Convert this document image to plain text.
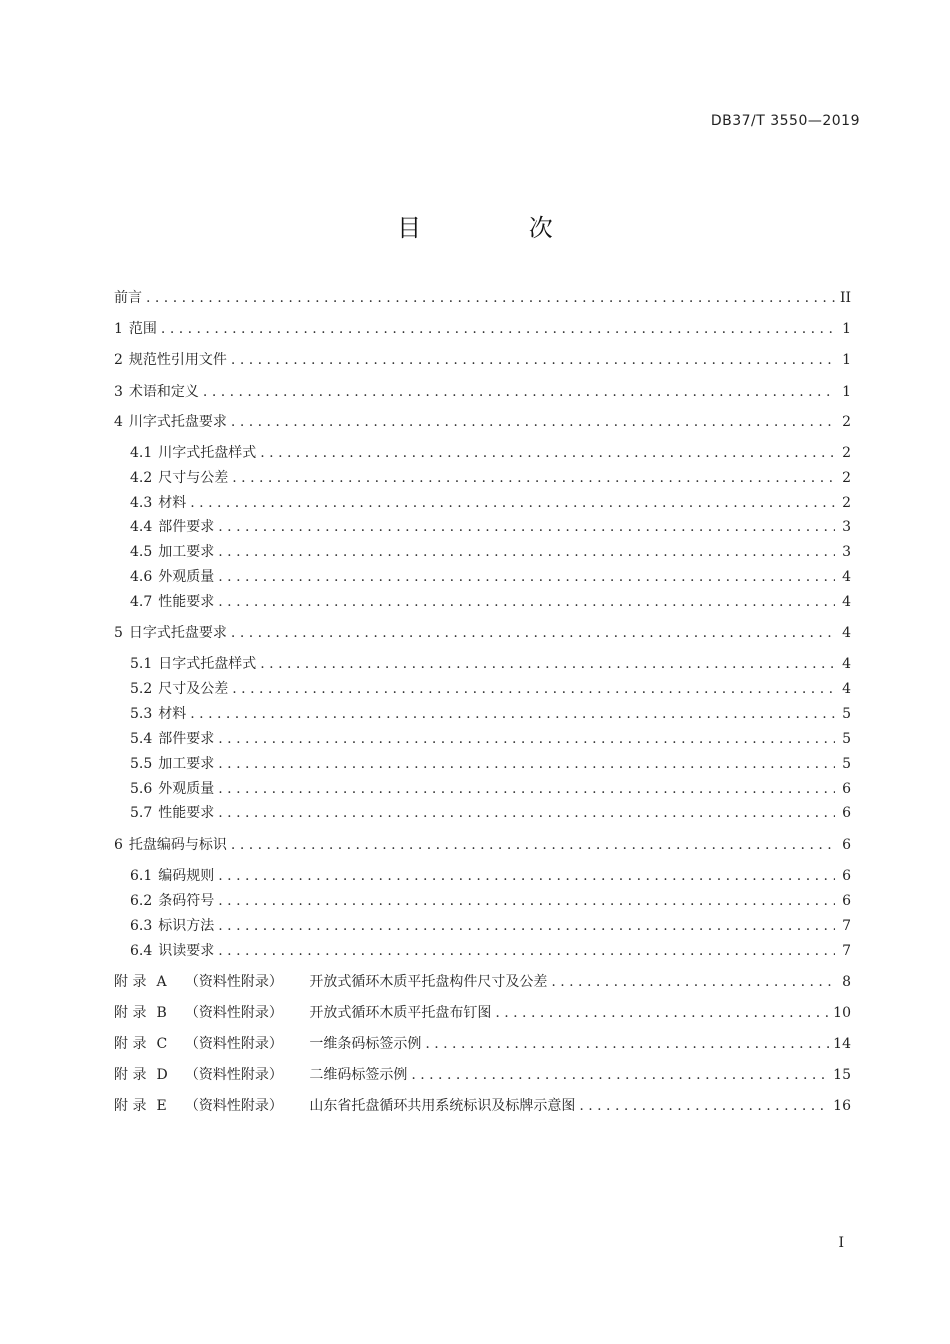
DB37/T 3550—2019
目 次
前言 . . .	II
1 范围 . . .	1
2 规范性引用文件 . . .	1
3 术语和定义 . . .	1
4 川字式托盘要求 . . .	2
4.1 川字式托盘样式 . . .	2
4.2 尺寸与公差 . . .	2
4.3 材料 . . .	2
4.4 部件要求 . . .	3
4.5 加工要求 . . .	3
4.6 外观质量 . . .	4
4.7 性能要求 . . .	4
5 日字式托盘要求 . . .	4
5.1 日字式托盘样式 . . .	4
5.2 尺寸及公差 . . .	4
5.3 材料 . . .	5
5.4 部件要求 . . .	5
5.5 加工要求 . . .	5
5.6 外观质量 . . .	6
5.7 性能要求 . . .	6
6 托盘编码与标识 . . .	6
6.1 编码规则 . . .	6
6.2 条码符号 . . .	6
6.3 标识方法 . . .	7
6.4 识读要求 . . .	7
附 录 A （资料性附录） 开放式循环木质平托盘构件尺寸及公差 . . .	8
附 录 B （资料性附录） 开放式循环木质平托盘布钉图 . . .	10
附 录 C （资料性附录） 一维条码标签示例 . . .	14
附 录 D （资料性附录） 二维码标签示例 . . .	15
附 录 E （资料性附录） 山东省托盘循环共用系统标识及标牌示意图 . . .	16
I
